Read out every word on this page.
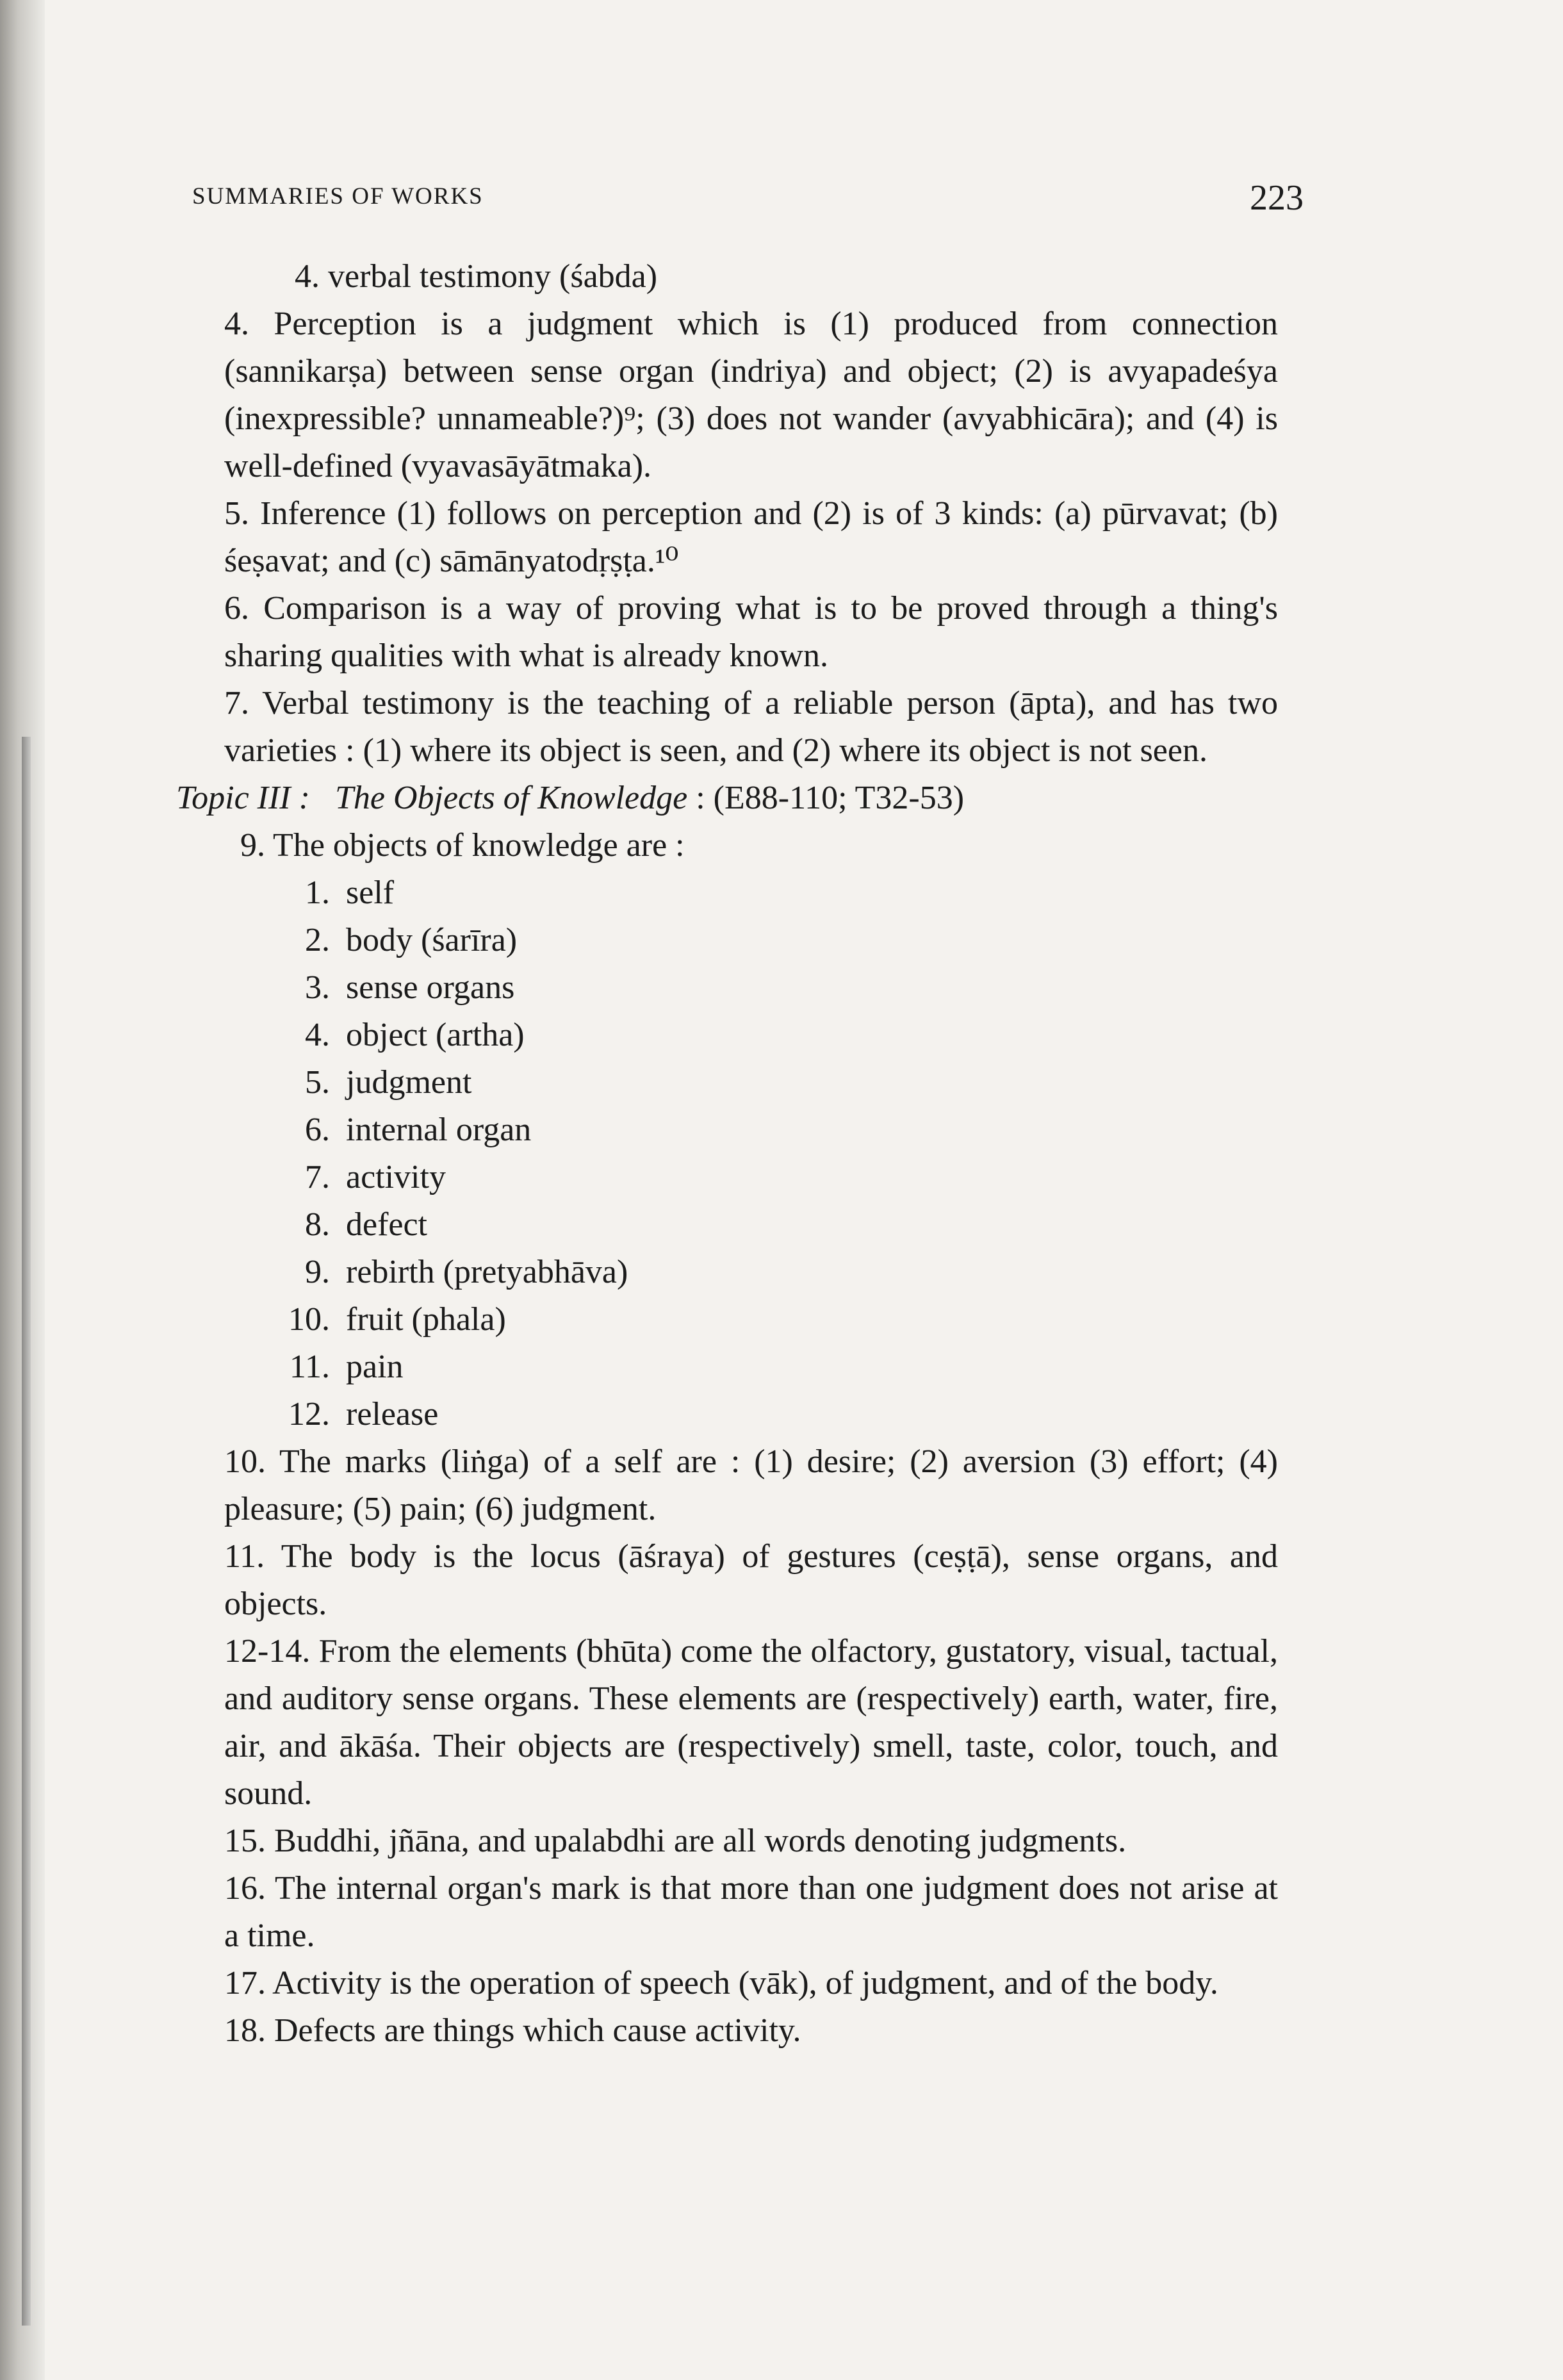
SUMMARIES OF WORKS	223

4. verbal testimony (śabda)

4. Perception is a judgment which is (1) produced from connection (sannikarṣa) between sense organ (indriya) and object; (2) is avyapadeśya (inexpressible? unnameable?)⁹; (3) does not wander (avyabhicāra); and (4) is well-defined (vyavasāyātmaka).

5. Inference (1) follows on perception and (2) is of 3 kinds: (a) pūrvavat; (b) śeṣavat; and (c) sāmānyatodṛṣṭa.¹⁰

6. Comparison is a way of proving what is to be proved through a thing's sharing qualities with what is already known.

7. Verbal testimony is the teaching of a reliable person (āpta), and has two varieties : (1) where its object is seen, and (2) where its object is not seen.

Topic III : The Objects of Knowledge : (E88-110; T32-53)

9. The objects of knowledge are :

1. self
2. body (śarīra)
3. sense organs
4. object (artha)
5. judgment
6. internal organ
7. activity
8. defect
9. rebirth (pretyabhāva)
10. fruit (phala)
11. pain
12. release

10. The marks (liṅga) of a self are : (1) desire; (2) aversion (3) effort; (4) pleasure; (5) pain; (6) judgment.

11. The body is the locus (āśraya) of gestures (ceṣṭā), sense organs, and objects.

12-14. From the elements (bhūta) come the olfactory, gustatory, visual, tactual, and auditory sense organs. These elements are (respectively) earth, water, fire, air, and ākāśa. Their objects are (respectively) smell, taste, color, touch, and sound.

15. Buddhi, jñāna, and upalabdhi are all words denoting judgments.

16. The internal organ's mark is that more than one judgment does not arise at a time.

17. Activity is the operation of speech (vāk), of judgment, and of the body.

18. Defects are things which cause activity.
